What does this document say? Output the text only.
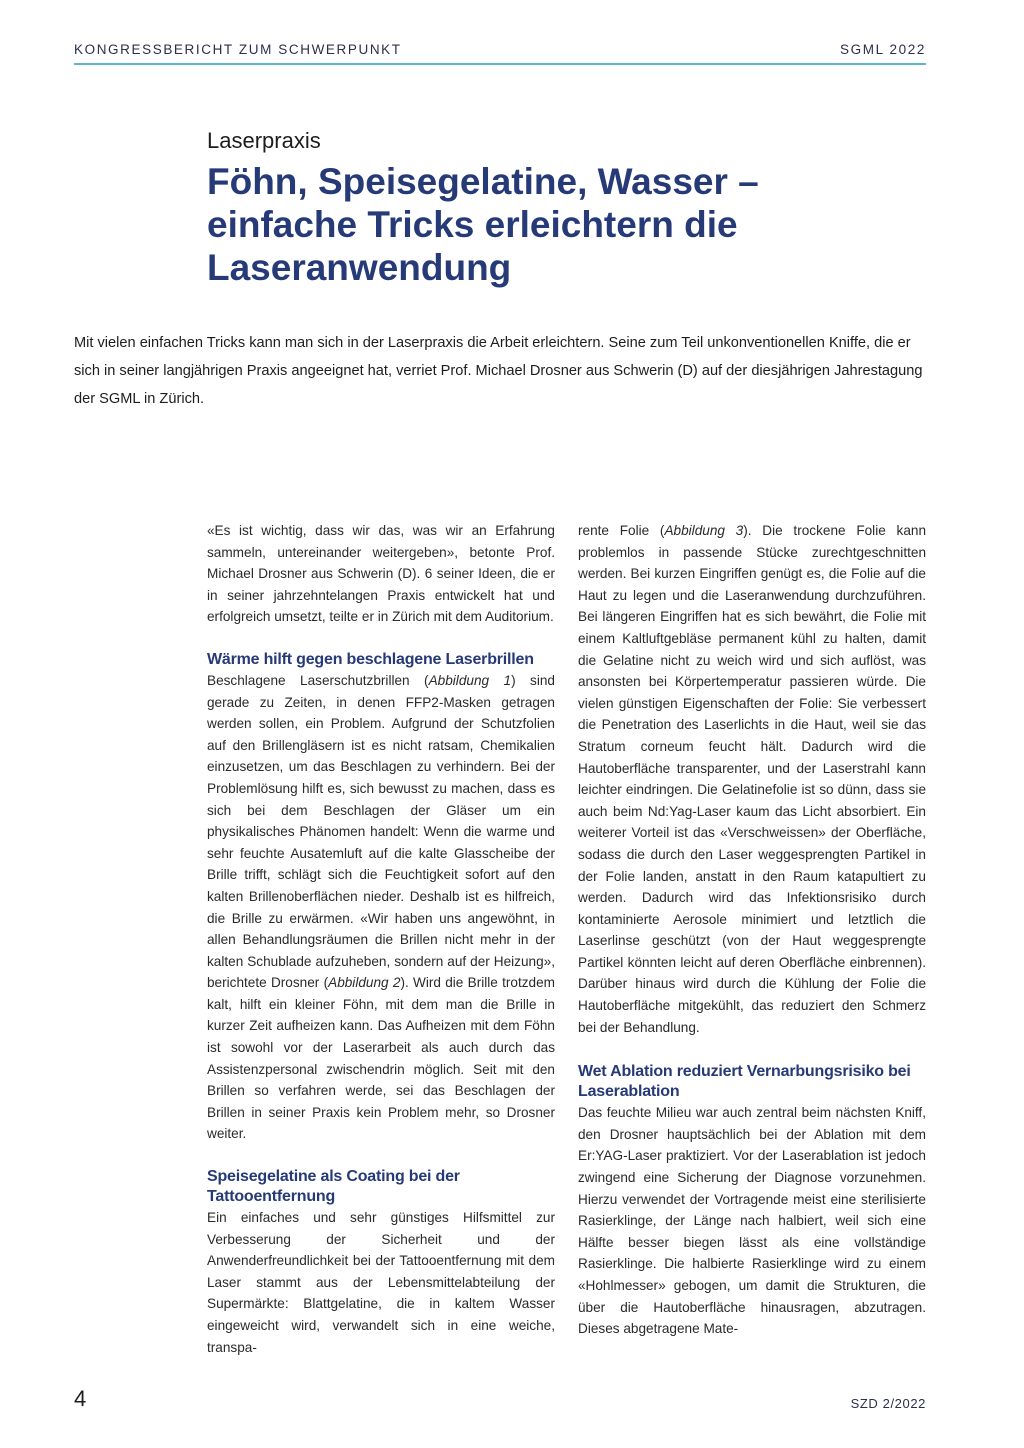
KONGRESSBERICHT ZUM SCHWERPUNKT	SGML 2022
Laserpraxis
Föhn, Speisegelatine, Wasser – einfache Tricks erleichtern die Laseranwendung

Mit vielen einfachen Tricks kann man sich in der Laserpraxis die Arbeit erleichtern. Seine zum Teil unkonventionellen Kniffe, die er sich in seiner langjährigen Praxis angeeignet hat, verriet Prof. Michael Drosner aus Schwerin (D) auf der diesjährigen Jahrestagung der SGML in Zürich.

«Es ist wichtig, dass wir das, was wir an Erfahrung sammeln, untereinander weitergeben», betonte Prof. Michael Drosner aus Schwerin (D). 6 seiner Ideen, die er in seiner jahrzehntelangen Praxis entwickelt hat und erfolgreich umsetzt, teilte er in Zürich mit dem Auditorium.

Wärme hilft gegen beschlagene Laserbrillen

Beschlagene Laserschutzbrillen (Abbildung 1) sind gerade zu Zeiten, in denen FFP2-Masken getragen werden sollen, ein Problem. Aufgrund der Schutzfolien auf den Brillengläsern ist es nicht ratsam, Chemikalien einzusetzen, um das Beschlagen zu verhindern. Bei der Problemlösung hilft es, sich bewusst zu machen, dass es sich bei dem Beschlagen der Gläser um ein physikalisches Phänomen handelt: Wenn die warme und sehr feuchte Ausatemluft auf die kalte Glasscheibe der Brille trifft, schlägt sich die Feuchtigkeit sofort auf den kalten Brillenoberflächen nieder. Deshalb ist es hilfreich, die Brille zu erwärmen. «Wir haben uns angewöhnt, in allen Behandlungsräumen die Brillen nicht mehr in der kalten Schublade aufzuheben, sondern auf der Heizung», berichtete Drosner (Abbildung 2). Wird die Brille trotzdem kalt, hilft ein kleiner Föhn, mit dem man die Brille in kurzer Zeit aufheizen kann. Das Aufheizen mit dem Föhn ist sowohl vor der Laserarbeit als auch durch das Assistenzpersonal zwischendrin möglich. Seit mit den Brillen so verfahren werde, sei das Beschlagen der Brillen in seiner Praxis kein Problem mehr, so Drosner weiter.

Speisegelatine als Coating bei der Tattooentfernung

Ein einfaches und sehr günstiges Hilfsmittel zur Verbesserung der Sicherheit und der Anwenderfreundlichkeit bei der Tattooentfernung mit dem Laser stammt aus der Lebensmittelabteilung der Supermärkte: Blattgelatine, die in kaltem Wasser eingeweicht wird, verwandelt sich in eine weiche, transpa-

rente Folie (Abbildung 3). Die trockene Folie kann problemlos in passende Stücke zurechtgeschnitten werden. Bei kurzen Eingriffen genügt es, die Folie auf die Haut zu legen und die Laseranwendung durchzuführen. Bei längeren Eingriffen hat es sich bewährt, die Folie mit einem Kaltluftgebläse permanent kühl zu halten, damit die Gelatine nicht zu weich wird und sich auflöst, was ansonsten bei Körpertemperatur passieren würde. Die vielen günstigen Eigenschaften der Folie: Sie verbessert die Penetration des Laserlichts in die Haut, weil sie das Stratum corneum feucht hält. Dadurch wird die Hautoberfläche transparenter, und der Laserstrahl kann leichter eindringen. Die Gelatinefolie ist so dünn, dass sie auch beim Nd:Yag-Laser kaum das Licht absorbiert. Ein weiterer Vorteil ist das «Verschweissen» der Oberfläche, sodass die durch den Laser weggesprengten Partikel in der Folie landen, anstatt in den Raum katapultiert zu werden. Dadurch wird das Infektionsrisiko durch kontaminierte Aerosole minimiert und letztlich die Laserlinse geschützt (von der Haut weggesprengte Partikel könnten leicht auf deren Oberfläche einbrennen). Darüber hinaus wird durch die Kühlung der Folie die Hautoberfläche mitgekühlt, das reduziert den Schmerz bei der Behandlung.

Wet Ablation reduziert Vernarbungsrisiko bei Laserablation

Das feuchte Milieu war auch zentral beim nächsten Kniff, den Drosner hauptsächlich bei der Ablation mit dem Er:YAG-Laser praktiziert. Vor der Laserablation ist jedoch zwingend eine Sicherung der Diagnose vorzunehmen. Hierzu verwendet der Vortragende meist eine sterilisierte Rasierklinge, der Länge nach halbiert, weil sich eine Hälfte besser biegen lässt als eine vollständige Rasierklinge. Die halbierte Rasierklinge wird zu einem «Hohlmesser» gebogen, um damit die Strukturen, die über die Hautoberfläche hinausragen, abzutragen. Dieses abgetragene Mate-

4	SZD 2/2022
